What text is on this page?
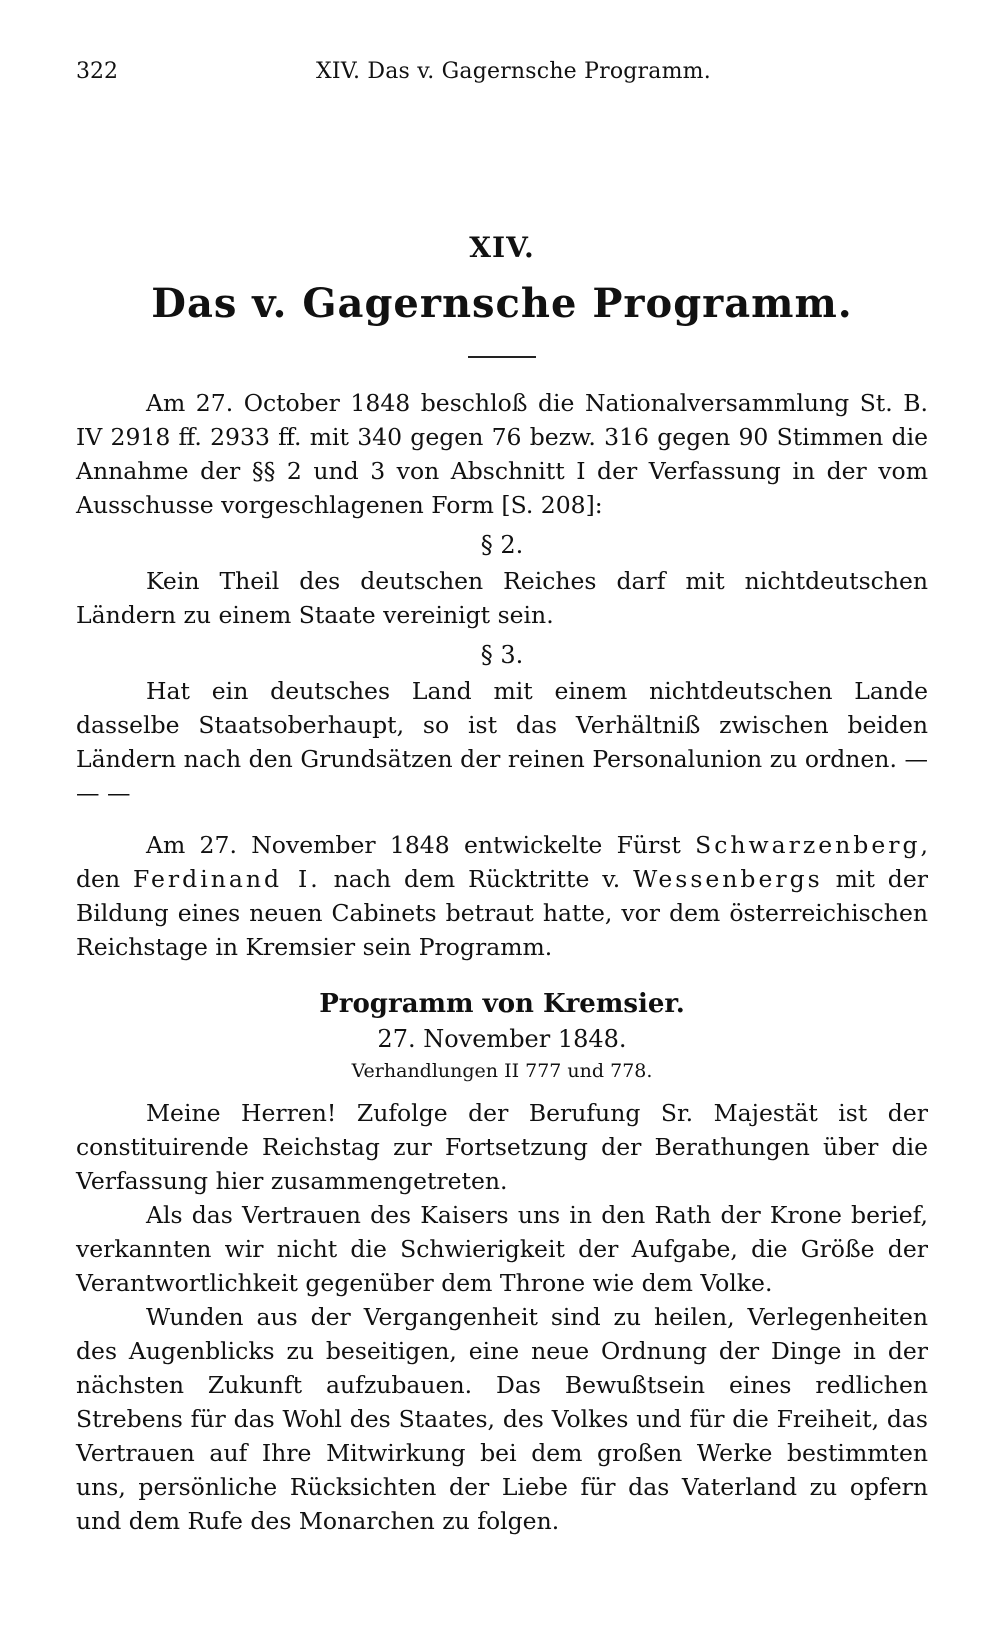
322	XIV. Das v. Gagernsche Programm.
XIV.
Das v. Gagernsche Programm.

Am 27. October 1848 beschloß die Nationalversammlung St. B. IV 2918 ff. 2933 ff. mit 340 gegen 76 bezw. 316 gegen 90 Stimmen die Annahme der §§ 2 und 3 von Abschnitt I der Verfassung in der vom Ausschusse vorgeschlagenen Form [S. 208]:

§ 2.

Kein Theil des deutschen Reiches darf mit nichtdeutschen Ländern zu einem Staate vereinigt sein.

§ 3.

Hat ein deutsches Land mit einem nichtdeutschen Lande dasselbe Staatsoberhaupt, so ist das Verhältniß zwischen beiden Ländern nach den Grundsätzen der reinen Personalunion zu ordnen. — — —

Am 27. November 1848 entwickelte Fürst Schwarzenberg, den Ferdinand I. nach dem Rücktritte v. Wessenbergs mit der Bildung eines neuen Cabinets betraut hatte, vor dem österreichischen Reichstage in Kremsier sein Programm.

Programm von Kremsier.
27. November 1848.
Verhandlungen II 777 und 778.

Meine Herren! Zufolge der Berufung Sr. Majestät ist der constituirende Reichstag zur Fortsetzung der Berathungen über die Verfassung hier zusammengetreten.

Als das Vertrauen des Kaisers uns in den Rath der Krone berief, verkannten wir nicht die Schwierigkeit der Aufgabe, die Größe der Verantwortlichkeit gegenüber dem Throne wie dem Volke.

Wunden aus der Vergangenheit sind zu heilen, Verlegenheiten des Augenblicks zu beseitigen, eine neue Ordnung der Dinge in der nächsten Zukunft aufzubauen. Das Bewußtsein eines redlichen Strebens für das Wohl des Staates, des Volkes und für die Freiheit, das Vertrauen auf Ihre Mitwirkung bei dem großen Werke bestimmten uns, persönliche Rücksichten der Liebe für das Vaterland zu opfern und dem Rufe des Monarchen zu folgen.
